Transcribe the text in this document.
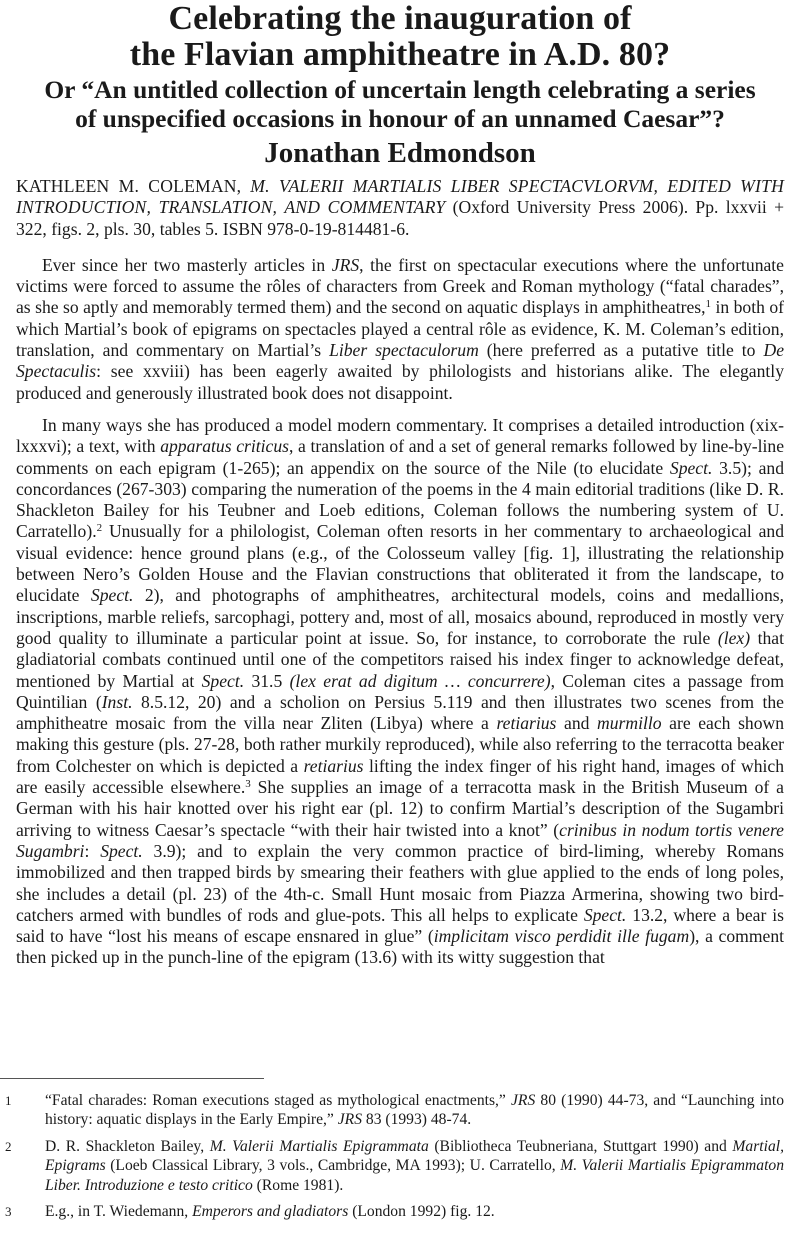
Celebrating the inauguration of
the Flavian amphitheatre in A.D. 80?
Or “An untitled collection of uncertain length celebrating a series
of unspecified occasions in honour of an unnamed Caesar”?
Jonathan Edmondson
KATHLEEN M. COLEMAN, M. VALERII MARTIALIS LIBER SPECTACVLORVM, EDITED WITH INTRODUCTION, TRANSLATION, AND COMMENTARY (Oxford University Press 2006). Pp. lxxvii + 322, figs. 2, pls. 30, tables 5. ISBN 978-0-19-814481-6.

Ever since her two masterly articles in JRS, the first on spectacular executions where the unfortunate victims were forced to assume the rôles of characters from Greek and Roman mythology (“fatal charades”, as she so aptly and memorably termed them) and the second on aquatic displays in amphitheatres,$^1$ in both of which Martial’s book of epigrams on spectacles played a central rôle as evidence, K. M. Coleman’s edition, translation, and commentary on Martial’s Liber spectaculorum (here preferred as a putative title to De Spectaculis: see xxviii) has been eagerly awaited by philologists and historians alike. The elegantly produced and generously illustrated book does not disappoint.

In many ways she has produced a model modern commentary. It comprises a detailed introduction (xix-lxxxvi); a text, with apparatus criticus, a translation of and a set of general remarks followed by line-by-line comments on each epigram (1-265); an appendix on the source of the Nile (to elucidate Spect. 3.5); and concordances (267-303) comparing the numeration of the poems in the 4 main editorial traditions (like D. R. Shackleton Bailey for his Teubner and Loeb editions, Coleman follows the numbering system of U. Carratello).$^2$ Unusually for a philologist, Coleman often resorts in her commentary to archaeological and visual evidence: hence ground plans (e.g., of the Colosseum valley [fig. 1], illustrating the relationship between Nero’s Golden House and the Flavian constructions that obliterated it from the landscape, to elucidate Spect. 2), and photographs of amphitheatres, architectural models, coins and medallions, inscriptions, marble reliefs, sarcophagi, pottery and, most of all, mosaics abound, reproduced in mostly very good quality to illuminate a particular point at issue. So, for instance, to corroborate the rule (lex) that gladiatorial combats continued until one of the competitors raised his index finger to acknowledge defeat, mentioned by Martial at Spect. 31.5 (lex erat ad digitum … concurrere), Coleman cites a passage from Quintilian (Inst. 8.5.12, 20) and a scholion on Persius 5.119 and then illustrates two scenes from the amphitheatre mosaic from the villa near Zliten (Libya) where a retiarius and murmillo are each shown making this gesture (pls. 27-28, both rather murkily reproduced), while also referring to the terracotta beaker from Colchester on which is depicted a retiarius lifting the index finger of his right hand, images of which are easily accessible elsewhere.$^3$ She supplies an image of a terracotta mask in the British Museum of a German with his hair knotted over his right ear (pl. 12) to confirm Martial’s description of the Sugambri arriving to witness Caesar’s spectacle “with their hair twisted into a knot” (crinibus in nodum tortis venere Sugambri: Spect. 3.9); and to explain the very common practice of bird-liming, whereby Romans immobilized and then trapped birds by smearing their feathers with glue applied to the ends of long poles, she includes a detail (pl. 23) of the 4th-c. Small Hunt mosaic from Piazza Armerina, showing two bird-catchers armed with bundles of rods and glue-pots. This all helps to explicate Spect. 13.2, where a bear is said to have “lost his means of escape ensnared in glue” (implicitam visco perdidit ille fugam), a comment then picked up in the punch-line of the epigram (13.6) with its witty suggestion that

1	“Fatal charades: Roman executions staged as mythological enactments,” JRS 80 (1990) 44-73, and “Launching into history: aquatic displays in the Early Empire,” JRS 83 (1993) 48-74.
2	D. R. Shackleton Bailey, M. Valerii Martialis Epigrammata (Bibliotheca Teubneriana, Stuttgart 1990) and Martial, Epigrams (Loeb Classical Library, 3 vols., Cambridge, MA 1993); U. Carratello, M. Valerii Martialis Epigrammaton Liber. Introduzione e testo critico (Rome 1981).
3	E.g., in T. Wiedemann, Emperors and gladiators (London 1992) fig. 12.
